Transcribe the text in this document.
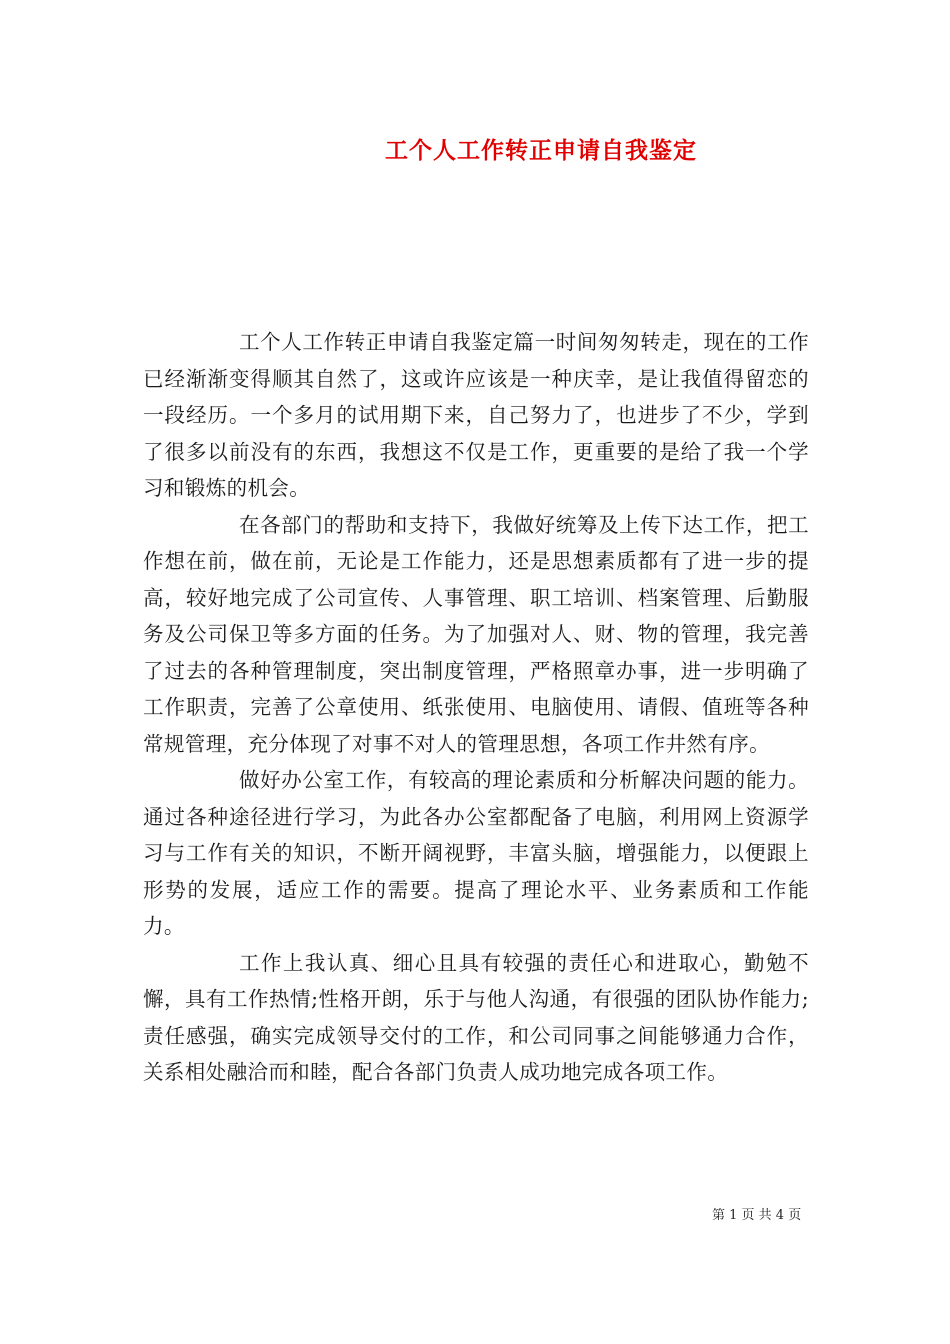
工个人工作转正申请自我鉴定

工个人工作转正申请自我鉴定篇一时间匆匆转走，现在的工作已经渐渐变得顺其自然了，这或许应该是一种庆幸，是让我值得留恋的一段经历。一个多月的试用期下来，自己努力了，也进步了不少，学到了很多以前没有的东西，我想这不仅是工作，更重要的是给了我一个学习和锻炼的机会。

在各部门的帮助和支持下，我做好统筹及上传下达工作，把工作想在前，做在前，无论是工作能力，还是思想素质都有了进一步的提高，较好地完成了公司宣传、人事管理、职工培训、档案管理、后勤服务及公司保卫等多方面的任务。为了加强对人、财、物的管理，我完善了过去的各种管理制度，突出制度管理，严格照章办事，进一步明确了工作职责，完善了公章使用、纸张使用、电脑使用、请假、值班等各种常规管理，充分体现了对事不对人的管理思想，各项工作井然有序。

做好办公室工作，有较高的理论素质和分析解决问题的能力。通过各种途径进行学习，为此各办公室都配备了电脑，利用网上资源学习与工作有关的知识，不断开阔视野，丰富头脑，增强能力，以便跟上形势的发展，适应工作的需要。提高了理论水平、业务素质和工作能力。

工作上我认真、细心且具有较强的责任心和进取心，勤勉不懈，具有工作热情;性格开朗，乐于与他人沟通，有很强的团队协作能力;责任感强，确实完成领导交付的工作，和公司同事之间能够通力合作，关系相处融洽而和睦，配合各部门负责人成功地完成各项工作。

第 1 页 共 4 页
